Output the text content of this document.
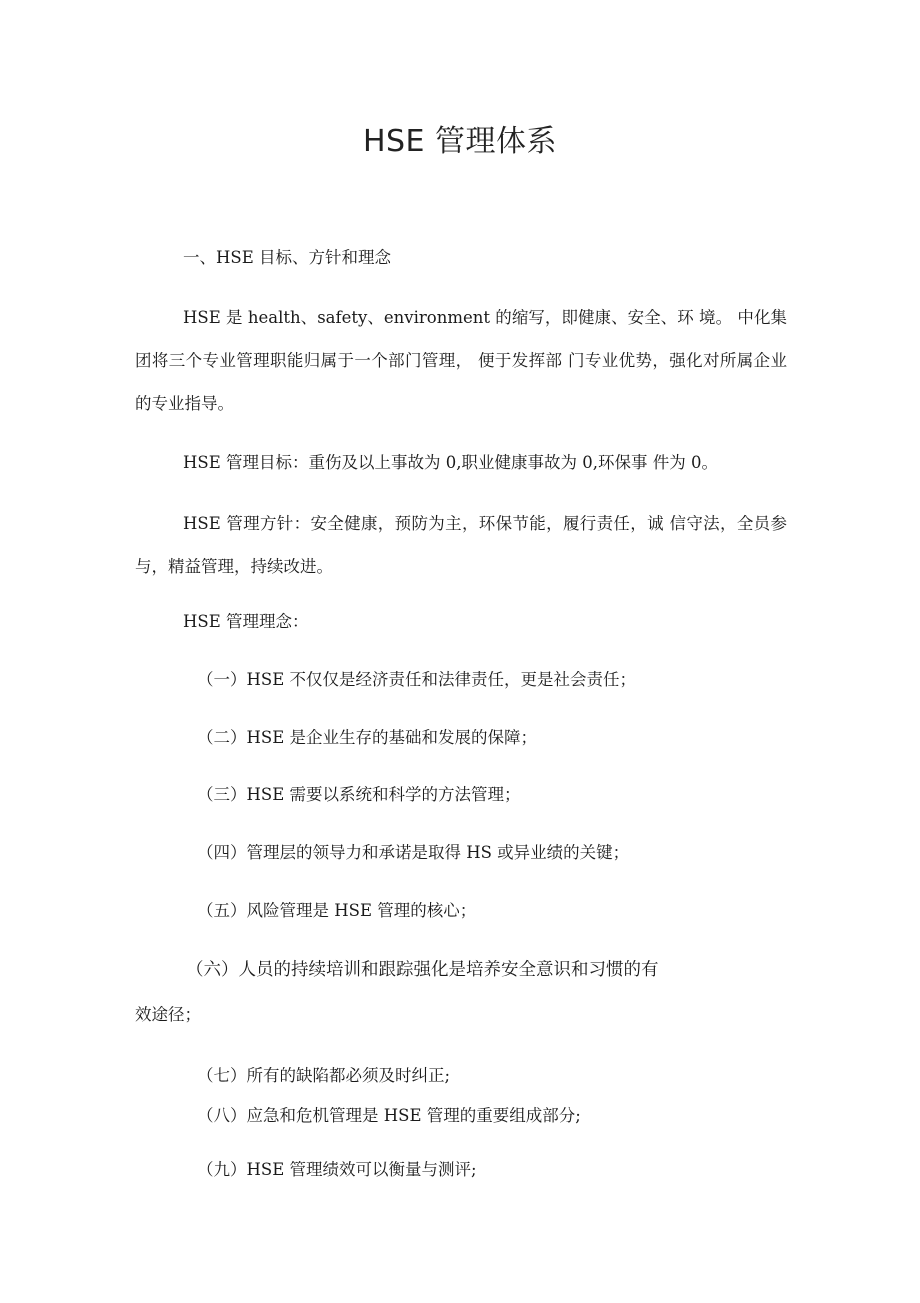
HSE 管理体系
一、HSE 目标、方针和理念
HSE 是 health、safety、environment 的缩写，即健康、安全、环 境。 中化集团将三个专业管理职能归属于一个部门管理， 便于发挥部 门专业优势，强化对所属企业的专业指导。
HSE 管理目标：重伤及以上事故为 0,职业健康事故为 0,环保事 件为 0。
HSE 管理方针：安全健康，预防为主，环保节能，履行责任，诚 信守法，全员参与，精益管理，持续改进。
HSE 管理理念：
（一）HSE 不仅仅是经济责任和法律责任，更是社会责任；
（二）HSE 是企业生存的基础和发展的保障；
（三）HSE 需要以系统和科学的方法管理；
（四）管理层的领导力和承诺是取得 HS 或异业绩的关键；
（五）风险管理是 HSE 管理的核心；
（六）人员的持续培训和跟踪强化是培养安全意识和习惯的有
效途径；
（七）所有的缺陷都必须及时纠正;
（八）应急和危机管理是 HSE 管理的重要组成部分;
（九）HSE 管理绩效可以衡量与测评;
